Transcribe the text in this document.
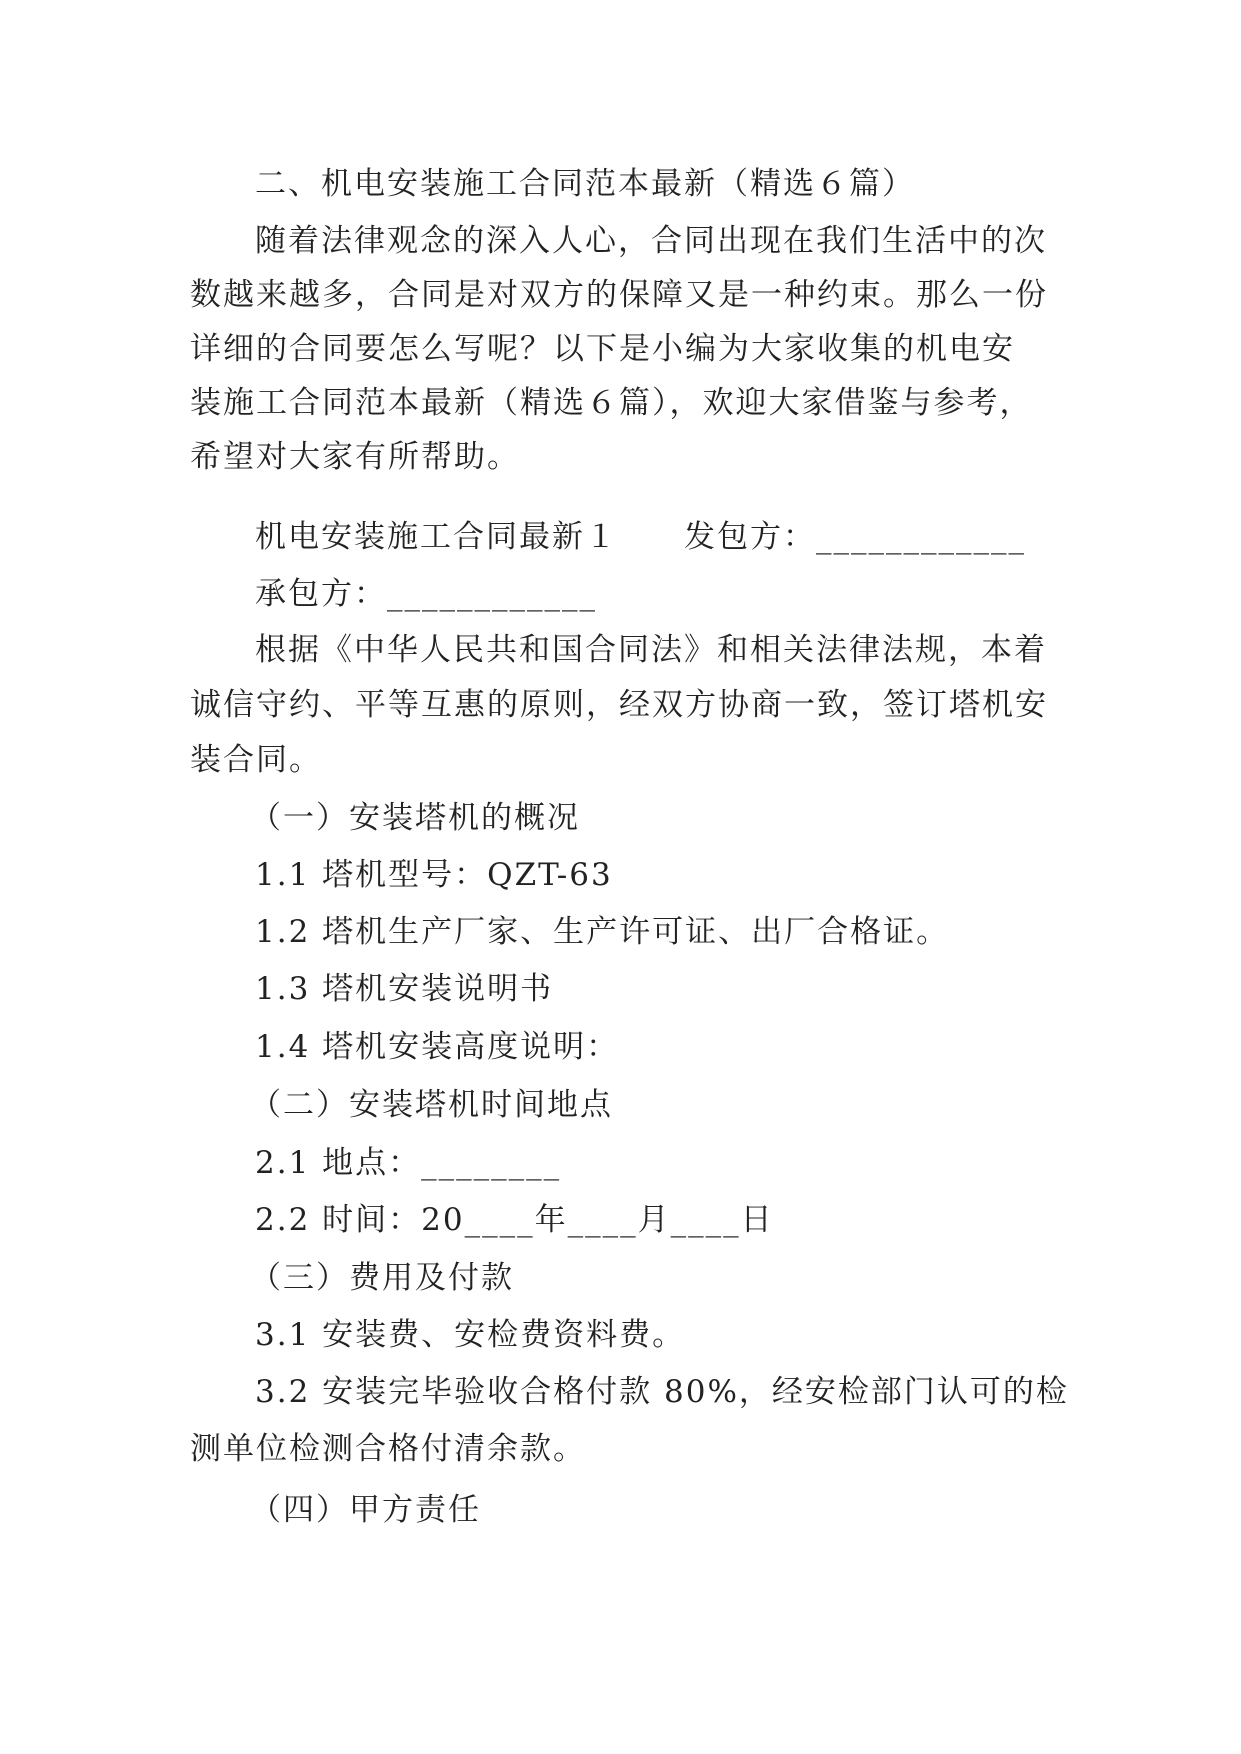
二、机电安装施工合同范本最新（精选６篇）
随着法律观念的深入人心，合同出现在我们生活中的次
数越来越多，合同是对双方的保障又是一种约束。那么一份
详细的合同要怎么写呢？以下是小编为大家收集的机电安
装施工合同范本最新（精选６篇），欢迎大家借鉴与参考，
希望对大家有所帮助。
机电安装施工合同最新１　　发包方：____________
承包方：____________
根据《中华人民共和国合同法》和相关法律法规，本着
诚信守约、平等互惠的原则，经双方协商一致，签订塔机安
装合同。
（一）安装塔机的概况
1.1 塔机型号：QZT-63
1.2 塔机生产厂家、生产许可证、出厂合格证。
1.3 塔机安装说明书
1.4 塔机安装高度说明：
（二）安装塔机时间地点
2.1 地点：________
2.2 时间：20____年____月____日
（三）费用及付款
3.1 安装费、安检费资料费。
3.2 安装完毕验收合格付款 80%，经安检部门认可的检
测单位检测合格付清余款。
（四）甲方责任
